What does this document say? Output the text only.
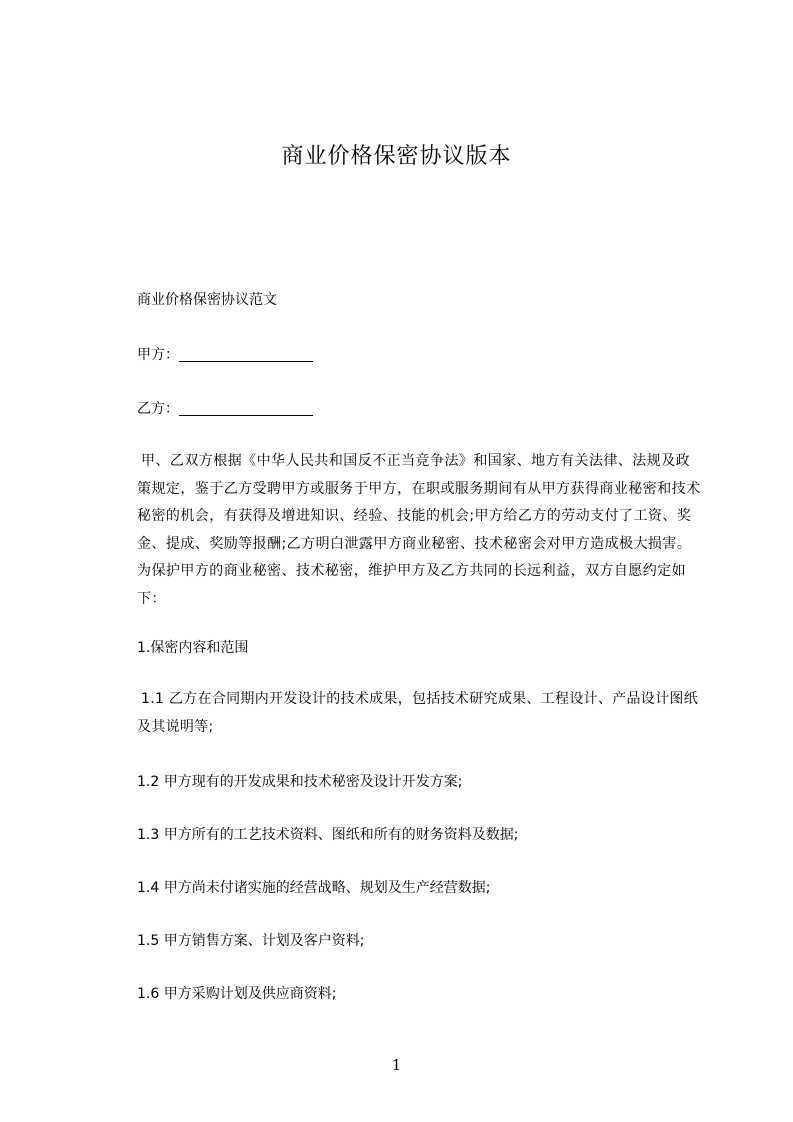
商业价格保密协议版本
商业价格保密协议范文
甲方：
乙方：
甲、乙双方根据《中华人民共和国反不正当竞争法》和国家、地方有关法律、法规及政策规定，鉴于乙方受聘甲方或服务于甲方，在职或服务期间有从甲方获得商业秘密和技术秘密的机会，有获得及增进知识、经验、技能的机会;甲方给乙方的劳动支付了工资、奖金、提成、奖励等报酬;乙方明白泄露甲方商业秘密、技术秘密会对甲方造成极大损害。为保护甲方的商业秘密、技术秘密，维护甲方及乙方共同的长远利益，双方自愿约定如下：
1.保密内容和范围
1.1 乙方在合同期内开发设计的技术成果，包括技术研究成果、工程设计、产品设计图纸及其说明等;
1.2 甲方现有的开发成果和技术秘密及设计开发方案;
1.3 甲方所有的工艺技术资料、图纸和所有的财务资料及数据;
1.4 甲方尚未付诸实施的经营战略、规划及生产经营数据;
1.5 甲方销售方案、计划及客户资料;
1.6 甲方采购计划及供应商资料;
1
